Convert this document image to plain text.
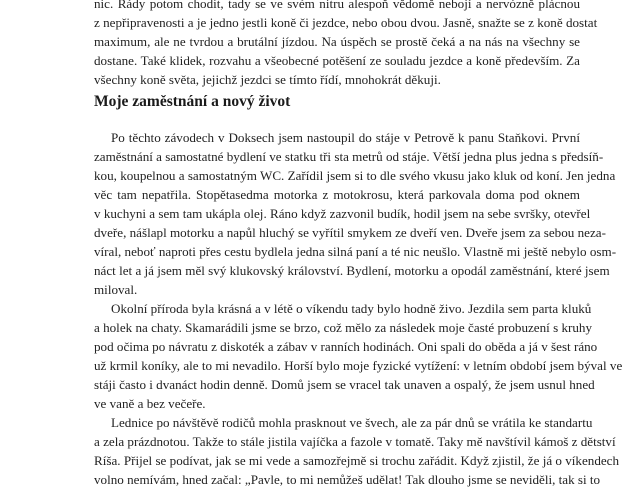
nic. Rády potom chodit, tady se ve svém nitru alespoň vědomě nebojí a nervózně plácnou
z nepřipravenosti a je jedno jestli koně či jezdce, nebo obou dvou. Jasně, snažte se z koně dostat
maximum, ale ne tvrdou a brutální jízdou. Na úspěch se prostě čeká a na nás na všechny se
dostane. Také klidek, rozvahu a všeobecné potěšení ze souladu jezdce a koně především. Za
všechny koně světa, jejichž jezdci se tímto řídí, mnohokrát děkuji.

Moje zaměstnání a nový život

Po těchto závodech v Doksech jsem nastoupil do stáje v Petrově k panu Staňkovi. První
zaměstnání a samostatné bydlení ve statku tři sta metrů od stáje. Větší jedna plus jedna s předsíň-
kou, koupelnou a samostatným WC. Zařídil jsem si to dle svého vkusu jako kluk od koní. Jen jedna
věc tam nepatřila. Stopětasedma motorka z motokrosu, která parkovala doma pod oknem
v kuchyni a sem tam ukápla olej. Ráno když zazvonil budík, hodil jsem na sebe svršky, otevřel
dveře, nášlapl motorku a napůl hluchý se vyřítil smykem ze dveří ven. Dveře jsem za sebou neza-
víral, neboť naproti přes cestu bydlela jedna silná paní a té nic neušlo. Vlastně mi ještě nebylo osm-
náct let a já jsem měl svý klukovský království. Bydlení, motorku a opodál zaměstnání, které jsem
miloval.

Okolní příroda byla krásná a v létě o víkendu tady bylo hodně živo. Jezdila sem parta kluků
a holek na chaty. Skamarádili jsme se brzo, což mělo za následek moje časté probuzení s kruhy
pod očima po návratu z diskoték a zábav v ranních hodinách. Oni spali do oběda a já v šest ráno
už krmil koníky, ale to mi nevadilo. Horší bylo moje fyzické vytížení: v letním období jsem býval ve
stáji často i dvanáct hodin denně. Domů jsem se vracel tak unaven a ospalý, že jsem usnul hned
ve vaně a bez večeře.

Lednice po návštěvě rodičů mohla prasknout ve švech, ale za pár dnů se vrátila ke standartu
a zela prázdnotou. Takže to stále jistila vajíčka a fazole v tomatě. Taky mě navštívil kámoš z dětství
Ríša. Přijel se podívat, jak se mi vede a samozřejmě si trochu zařádit. Když zjistil, že já o víkendech
volno nemívám, hned začal: „Pavle, to mi nemůžeš udělat! Tak dlouho jsme se neviděli, tak si to
